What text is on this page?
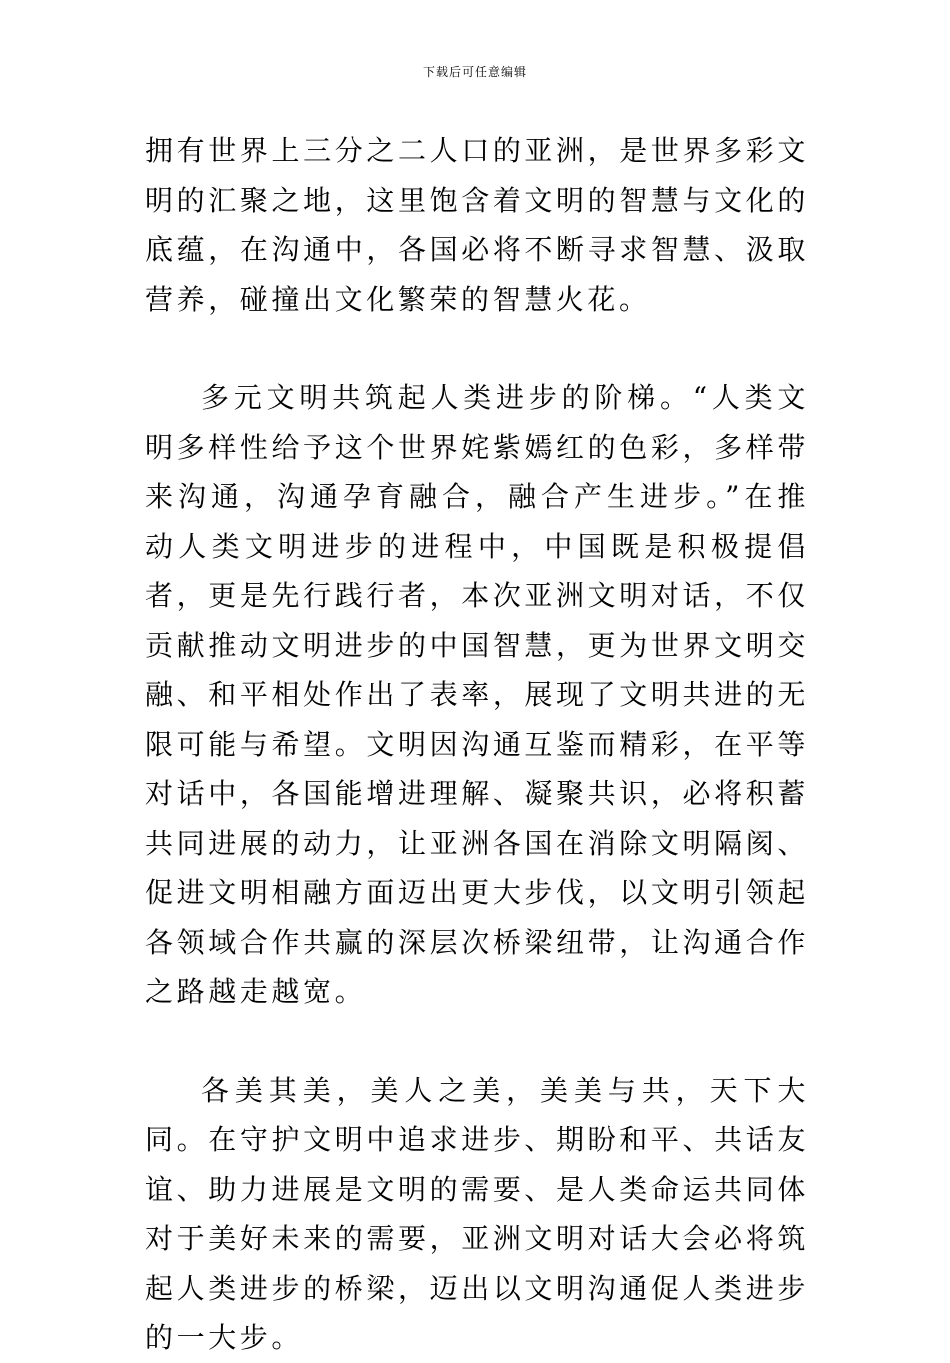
下载后可任意编辑

拥有世界上三分之二人口的亚洲，是世界多彩文明的汇聚之地，这里饱含着文明的智慧与文化的底蕴，在沟通中，各国必将不断寻求智慧、汲取营养，碰撞出文化繁荣的智慧火花。

多元文明共筑起人类进步的阶梯。“人类文明多样性给予这个世界姹紫嫣红的色彩，多样带来沟通，沟通孕育融合，融合产生进步。”在推动人类文明进步的进程中，中国既是积极提倡者，更是先行践行者，本次亚洲文明对话，不仅贡献推动文明进步的中国智慧，更为世界文明交融、和平相处作出了表率，展现了文明共进的无限可能与希望。文明因沟通互鉴而精彩，在平等对话中，各国能增进理解、凝聚共识，必将积蓄共同进展的动力，让亚洲各国在消除文明隔阂、促进文明相融方面迈出更大步伐，以文明引领起各领域合作共赢的深层次桥梁纽带，让沟通合作之路越走越宽。

各美其美，美人之美，美美与共，天下大同。在守护文明中追求进步、期盼和平、共话友谊、助力进展是文明的需要、是人类命运共同体对于美好未来的需要，亚洲文明对话大会必将筑起人类进步的桥梁，迈出以文明沟通促人类进步的一大步。
